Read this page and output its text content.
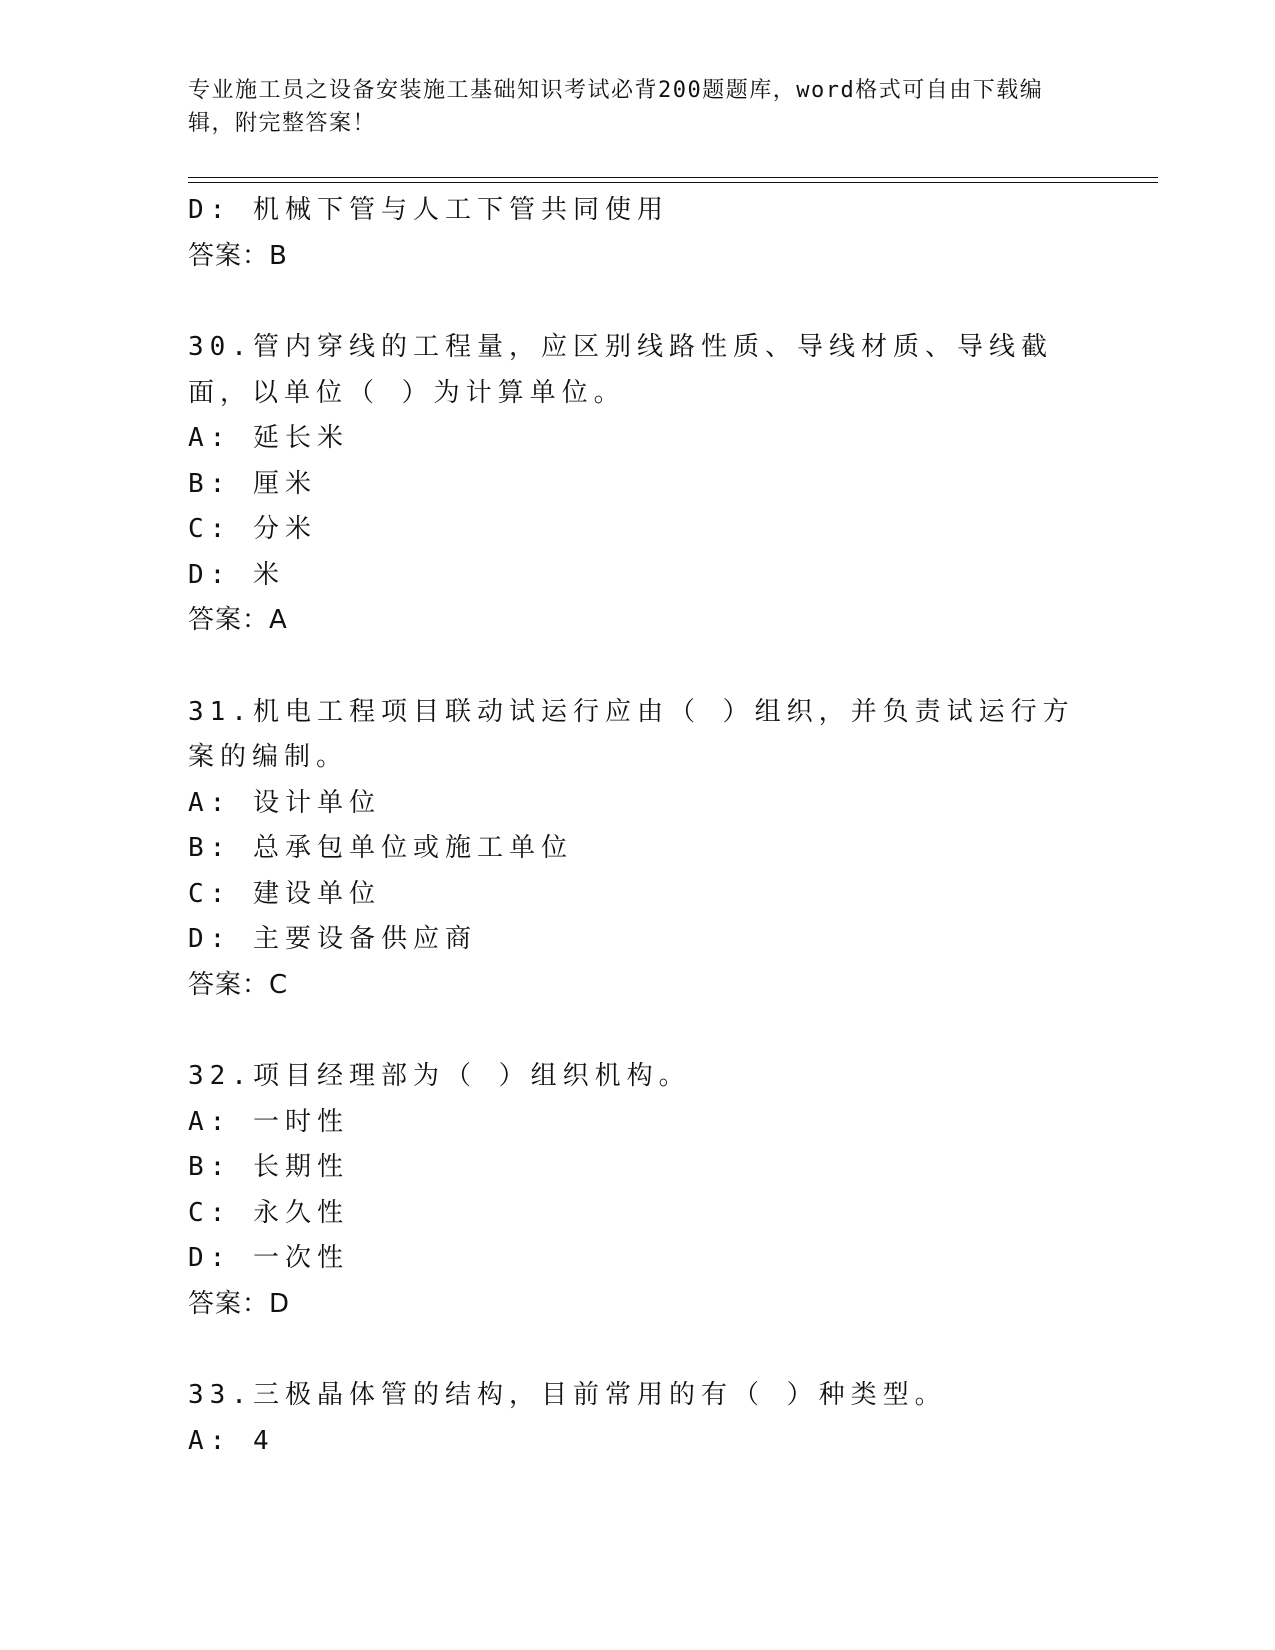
专业施工员之设备安装施工基础知识考试必背200题题库，word格式可自由下载编辑，附完整答案！
D: 机械下管与人工下管共同使用
答案：B
30.管内穿线的工程量，应区别线路性质、导线材质、导线截面，以单位（ ）为计算单位。
A: 延长米
B: 厘米
C: 分米
D: 米
答案：A
31.机电工程项目联动试运行应由（ ）组织，并负责试运行方案的编制。
A: 设计单位
B: 总承包单位或施工单位
C: 建设单位
D: 主要设备供应商
答案：C
32.项目经理部为（ ）组织机构。
A: 一时性
B: 长期性
C: 永久性
D: 一次性
答案：D
33.三极晶体管的结构，目前常用的有（ ）种类型。
A: 4
